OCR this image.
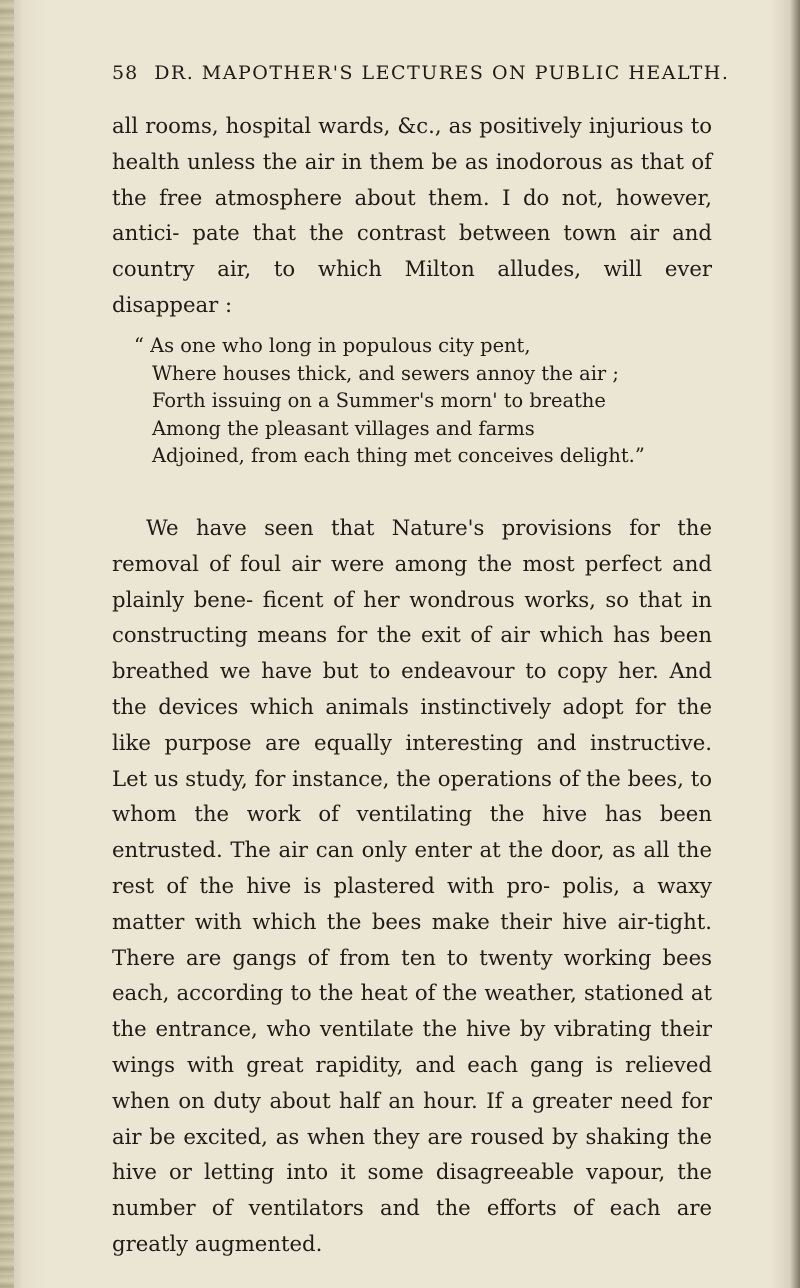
58 DR. MAPOTHER'S LECTURES ON PUBLIC HEALTH.

all rooms, hospital wards, &c., as positively injurious to health unless the air in them be as inodorous as that of the free atmosphere about them. I do not, however, antici- pate that the contrast between town air and country air, to which Milton alludes, will ever disappear :

“ As one who long in populous city pent,
Where houses thick, and sewers annoy the air ;
Forth issuing on a Summer's morn' to breathe
Among the pleasant villages and farms
Adjoined, from each thing met conceives delight.”

We have seen that Nature's provisions for the removal of foul air were among the most perfect and plainly bene- ficent of her wondrous works, so that in constructing means for the exit of air which has been breathed we have but to endeavour to copy her. And the devices which animals instinctively adopt for the like purpose are equally interesting and instructive. Let us study, for instance, the operations of the bees, to whom the work of ventilating the hive has been entrusted. The air can only enter at the door, as all the rest of the hive is plastered with pro- polis, a waxy matter with which the bees make their hive air-tight. There are gangs of from ten to twenty working bees each, according to the heat of the weather, stationed at the entrance, who ventilate the hive by vibrating their wings with great rapidity, and each gang is relieved when on duty about half an hour. If a greater need for air be excited, as when they are roused by shaking the hive or letting into it some disagreeable vapour, the number of ventilators and the efforts of each are greatly augmented.
